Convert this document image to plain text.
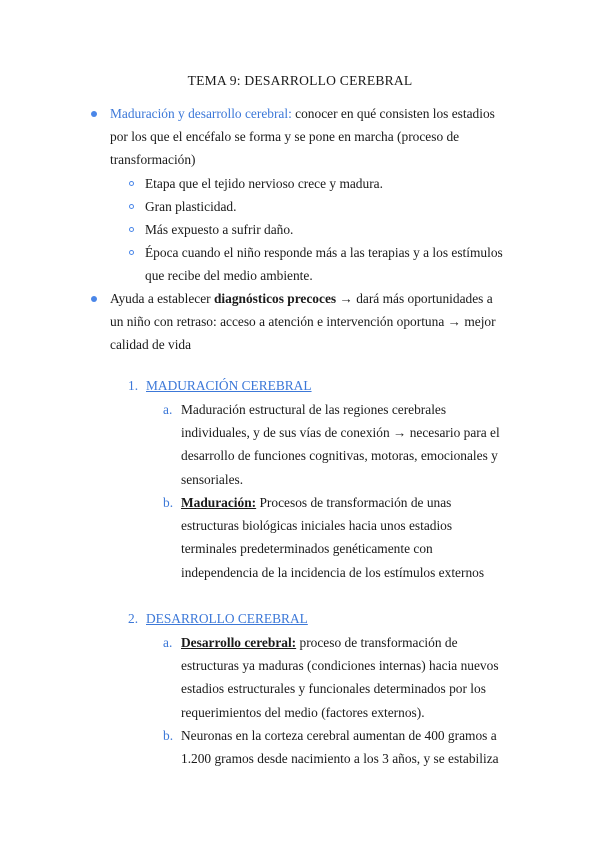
TEMA 9: DESARROLLO CEREBRAL
Maduración y desarrollo cerebral: conocer en qué consisten los estadios
por los que el encéfalo se forma y se pone en marcha (proceso de
transformación)
Etapa que el tejido nervioso crece y madura.
Gran plasticidad.
Más expuesto a sufrir daño.
Época cuando el niño responde más a las terapias y a los estímulos
que recibe del medio ambiente.
Ayuda a establecer diagnósticos precoces → dará más oportunidades a
un niño con retraso: acceso a atención e intervención oportuna → mejor
calidad de vida
1. MADURACIÓN CEREBRAL
a. Maduración estructural de las regiones cerebrales
individuales, y de sus vías de conexión → necesario para el
desarrollo de funciones cognitivas, motoras, emocionales y
sensoriales.
b. Maduración: Procesos de transformación de unas
estructuras biológicas iniciales hacia unos estadios
terminales predeterminados genéticamente con
independencia de la incidencia de los estímulos externos
2. DESARROLLO CEREBRAL
a. Desarrollo cerebral: proceso de transformación de
estructuras ya maduras (condiciones internas) hacia nuevos
estadios estructurales y funcionales determinados por los
requerimientos del medio (factores externos).
b. Neuronas en la corteza cerebral aumentan de 400 gramos a
1.200 gramos desde nacimiento a los 3 años, y se estabiliza
